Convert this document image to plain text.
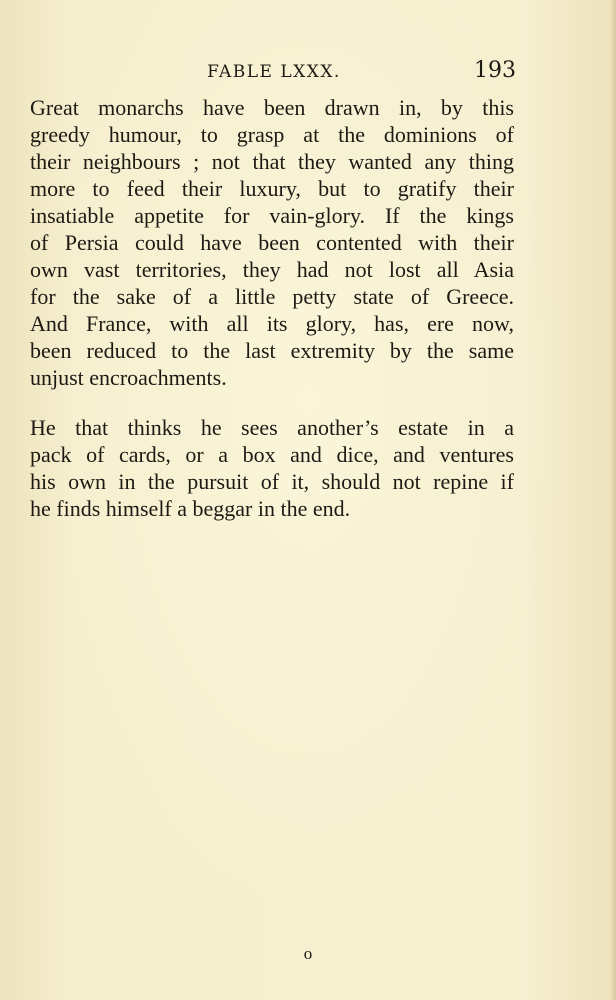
FABLE LXXX.	193

Great monarchs have been drawn in, by this
greedy humour, to grasp at the dominions of
their neighbours ; not that they wanted any thing
more to feed their luxury, but to gratify their
insatiable appetite for vain-glory. If the kings
of Persia could have been contented with their
own vast territories, they had not lost all Asia
for the sake of a little petty state of Greece.
And France, with all its glory, has, ere now,
been reduced to the last extremity by the same
unjust encroachments.

He that thinks he sees another’s estate in a
pack of cards, or a box and dice, and ventures
his own in the pursuit of it, should not repine if
he finds himself a beggar in the end.

o
